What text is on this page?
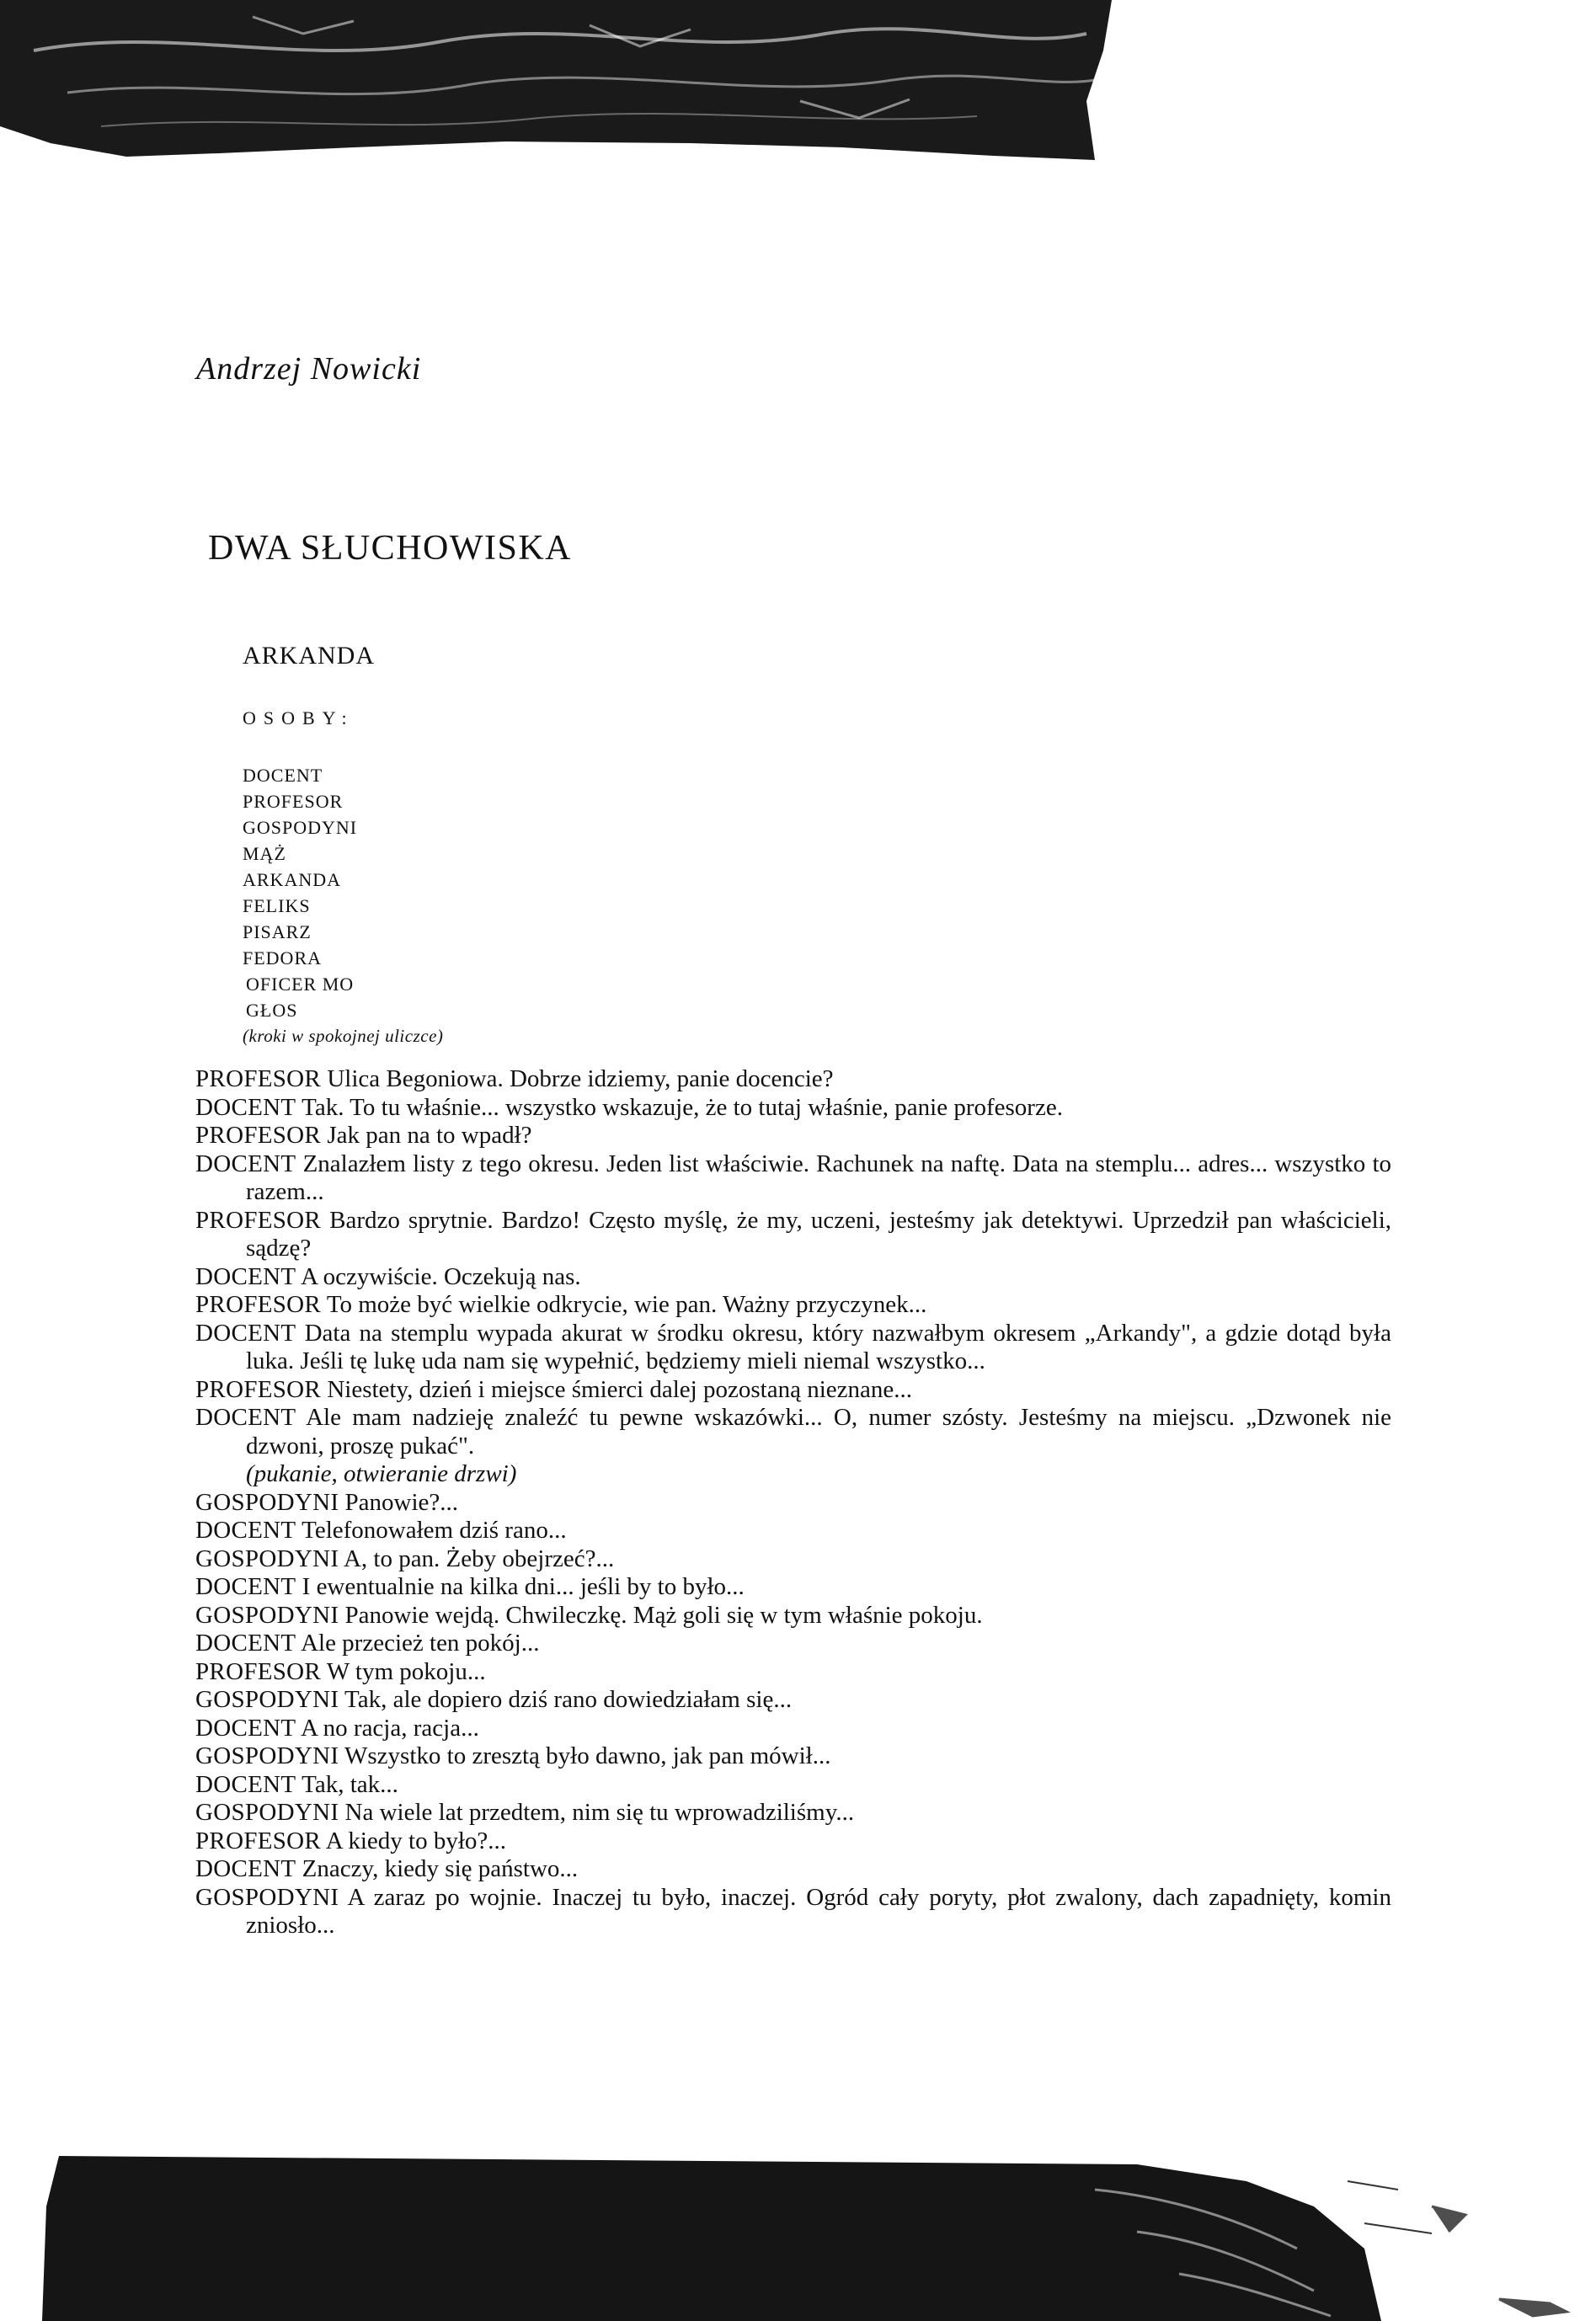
Andrzej Nowicki
DWA SŁUCHOWISKA
ARKANDA
OSOBY:
DOCENT
PROFESOR
GOSPODYNI
MĄŻ
ARKANDA
FELIKS
PISARZ
FEDORA
OFICER MO
GŁOS
(kroki w spokojnej uliczce)

PROFESOR Ulica Begoniowa. Dobrze idziemy, panie docencie?

DOCENT Tak. To tu właśnie... wszystko wskazuje, że to tutaj właśnie, panie profesorze.

PROFESOR Jak pan na to wpadł?

DOCENT Znalazłem listy z tego okresu. Jeden list właściwie. Rachunek na naftę. Data na stemplu... adres... wszystko to razem...

PROFESOR Bardzo sprytnie. Bardzo! Często myślę, że my, uczeni, jesteśmy jak detektywi. Uprzedził pan właścicieli, sądzę?

DOCENT A oczywiście. Oczekują nas.

PROFESOR To może być wielkie odkrycie, wie pan. Ważny przyczynek...

DOCENT Data na stemplu wypada akurat w środku okresu, który nazwałbym okresem „Arkandy", a gdzie dotąd była luka. Jeśli tę lukę uda nam się wypełnić, będziemy mieli niemal wszystko...

PROFESOR Niestety, dzień i miejsce śmierci dalej pozostaną nieznane...

DOCENT Ale mam nadzieję znaleźć tu pewne wskazówki... O, numer szósty. Jesteśmy na miejscu. „Dzwonek nie dzwoni, proszę pukać".

(pukanie, otwieranie drzwi)

GOSPODYNI Panowie?...

DOCENT Telefonowałem dziś rano...

GOSPODYNI A, to pan. Żeby obejrzeć?...

DOCENT I ewentualnie na kilka dni... jeśli by to było...

GOSPODYNI Panowie wejdą. Chwileczkę. Mąż goli się w tym właśnie pokoju.

DOCENT Ale przecież ten pokój...

PROFESOR W tym pokoju...

GOSPODYNI Tak, ale dopiero dziś rano dowiedziałam się...

DOCENT A no racja, racja...

GOSPODYNI Wszystko to zresztą było dawno, jak pan mówił...

DOCENT Tak, tak...

GOSPODYNI Na wiele lat przedtem, nim się tu wprowadziliśmy...

PROFESOR A kiedy to było?...

DOCENT Znaczy, kiedy się państwo...

GOSPODYNI A zaraz po wojnie. Inaczej tu było, inaczej. Ogród cały poryty, płot zwalony, dach zapadnięty, komin zniosło...
